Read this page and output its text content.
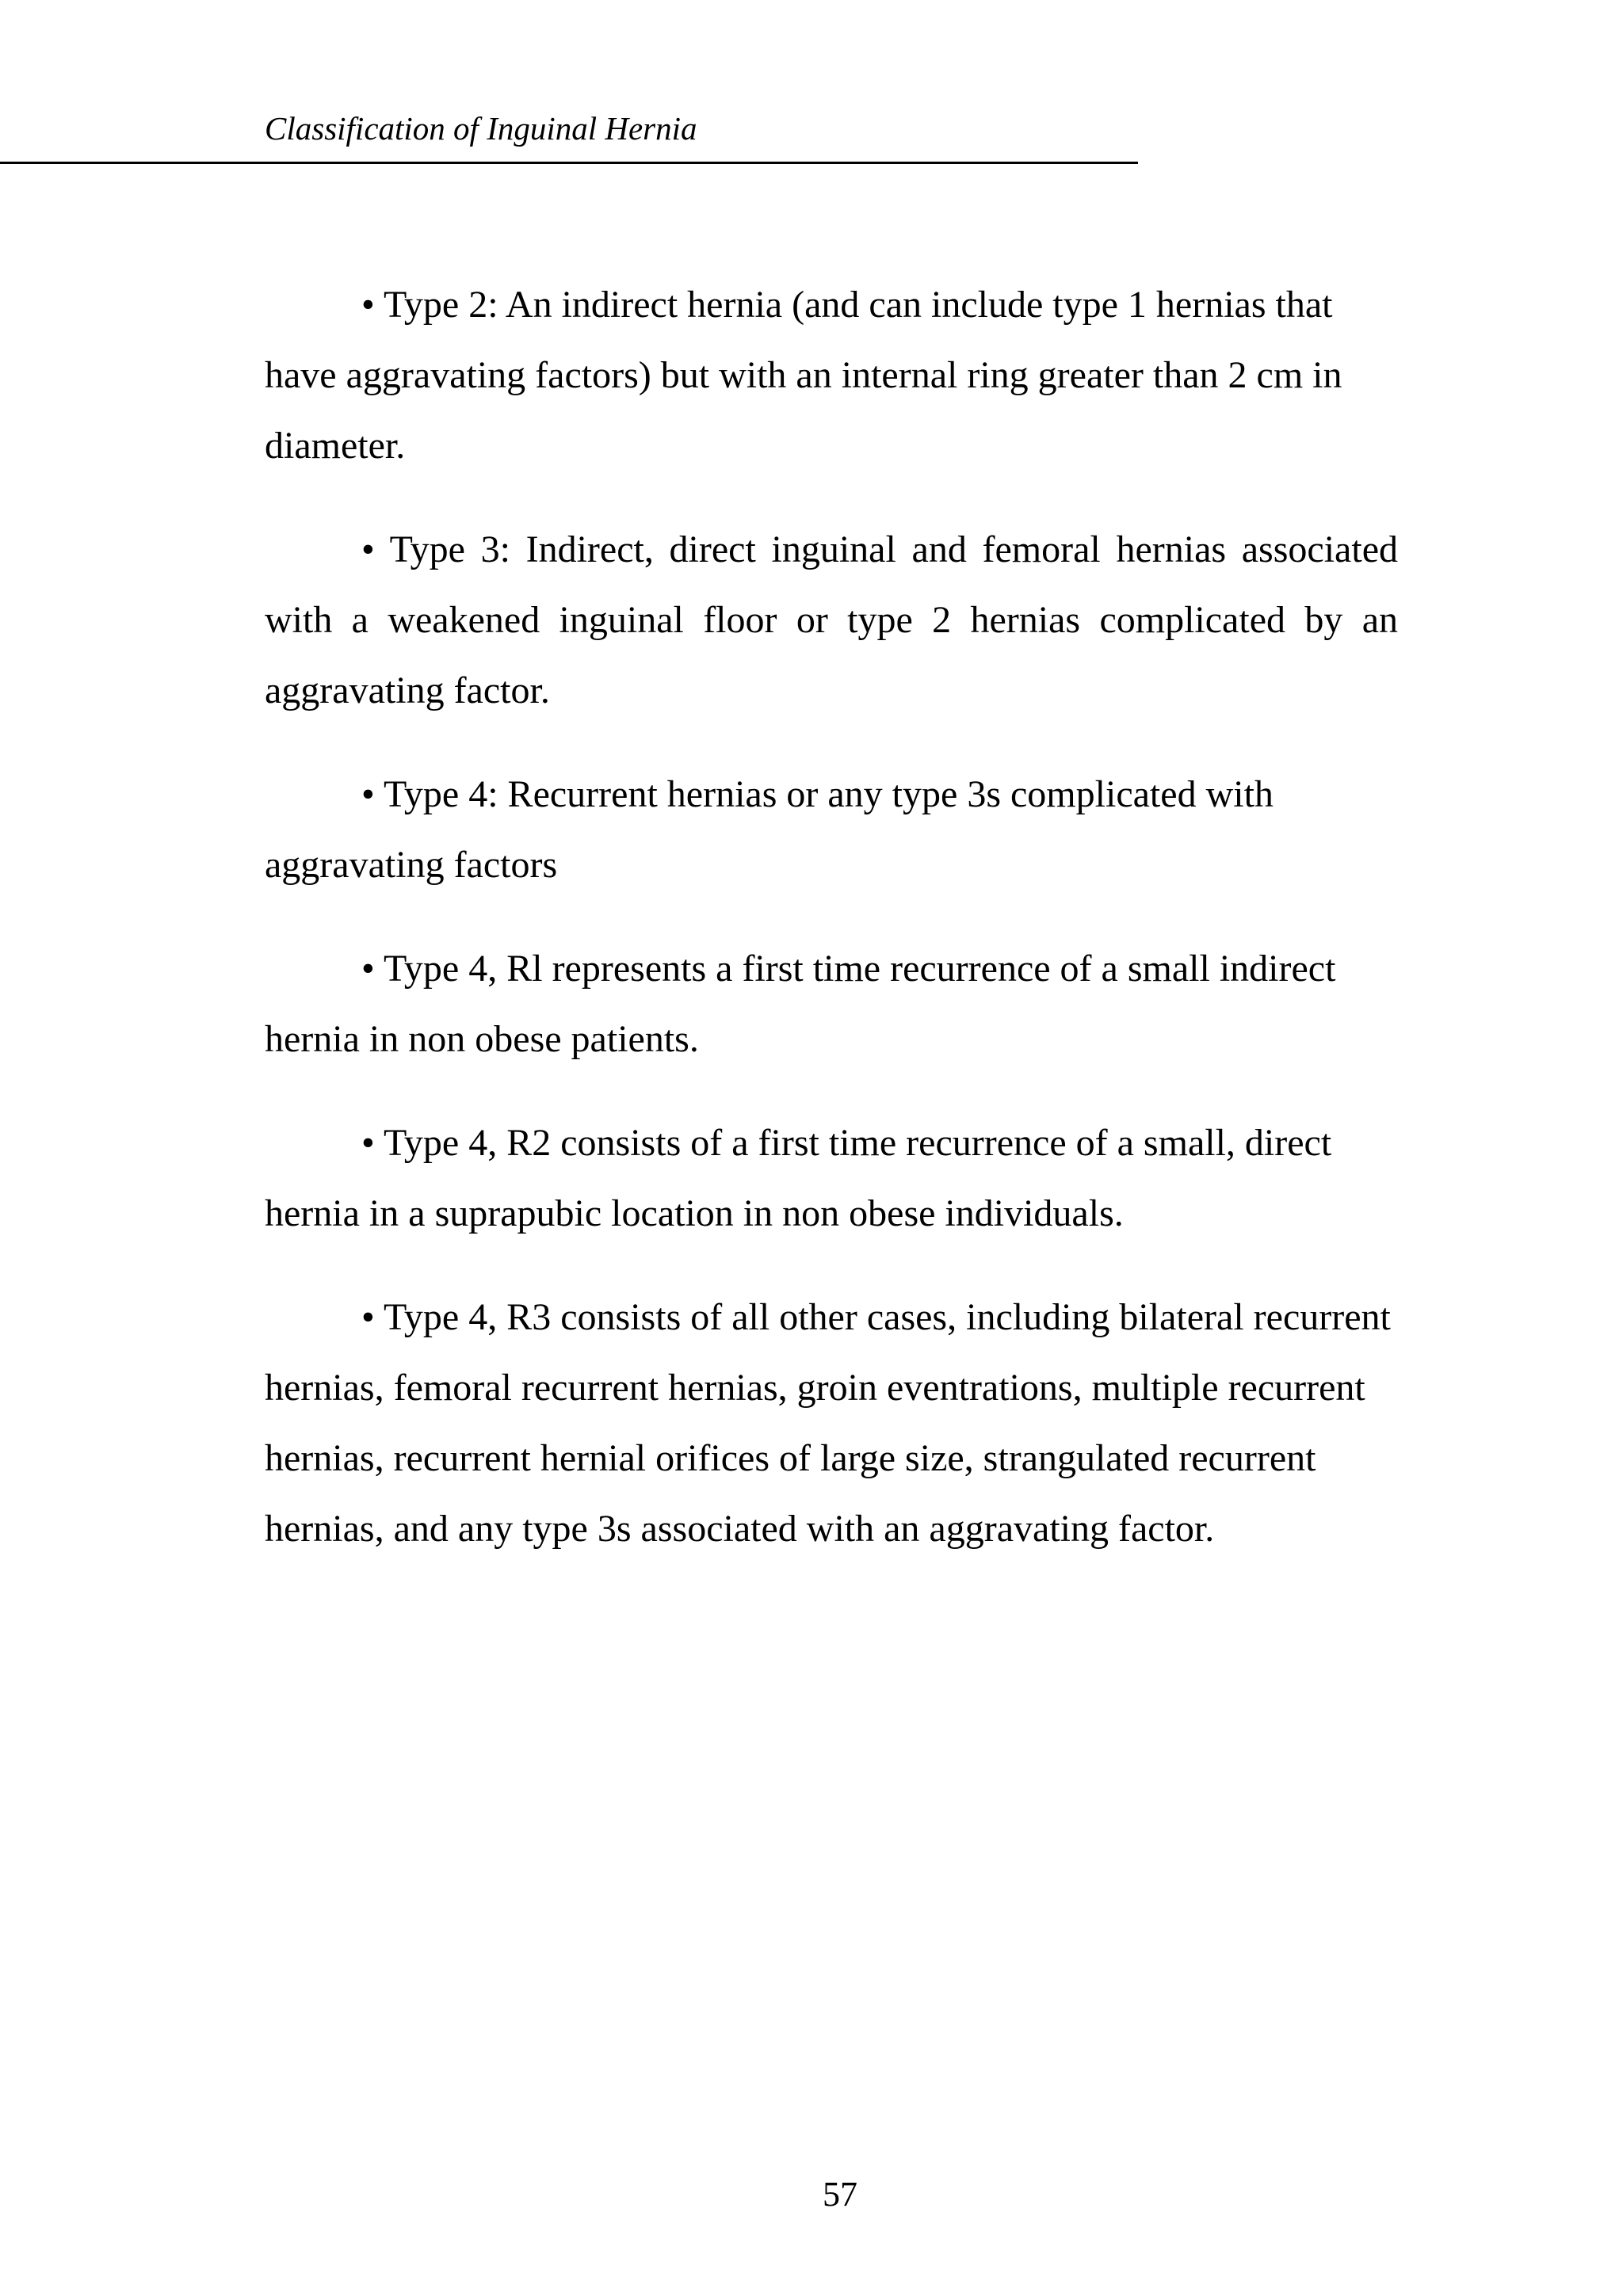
Classification of Inguinal Hernia

• Type 2: An indirect hernia (and can include type 1 hernias that have aggravating factors) but with an internal ring greater than 2 cm in diameter.

• Type 3: Indirect, direct inguinal and femoral hernias associated with a weakened inguinal floor or type 2 hernias complicated by an aggravating factor.

• Type 4: Recurrent hernias or any type 3s complicated with aggravating factors

• Type 4, Rl represents a first time recurrence of a small indirect hernia in non obese patients.

• Type 4, R2 consists of a first time recurrence of a small, direct hernia in a suprapubic location in non obese individuals.

• Type 4, R3 consists of all other cases, including bilateral recurrent hernias, femoral recurrent hernias, groin eventrations, multiple recurrent hernias, recurrent hernial orifices of large size, strangulated recurrent hernias, and any type 3s associated with an aggravating factor.

57
